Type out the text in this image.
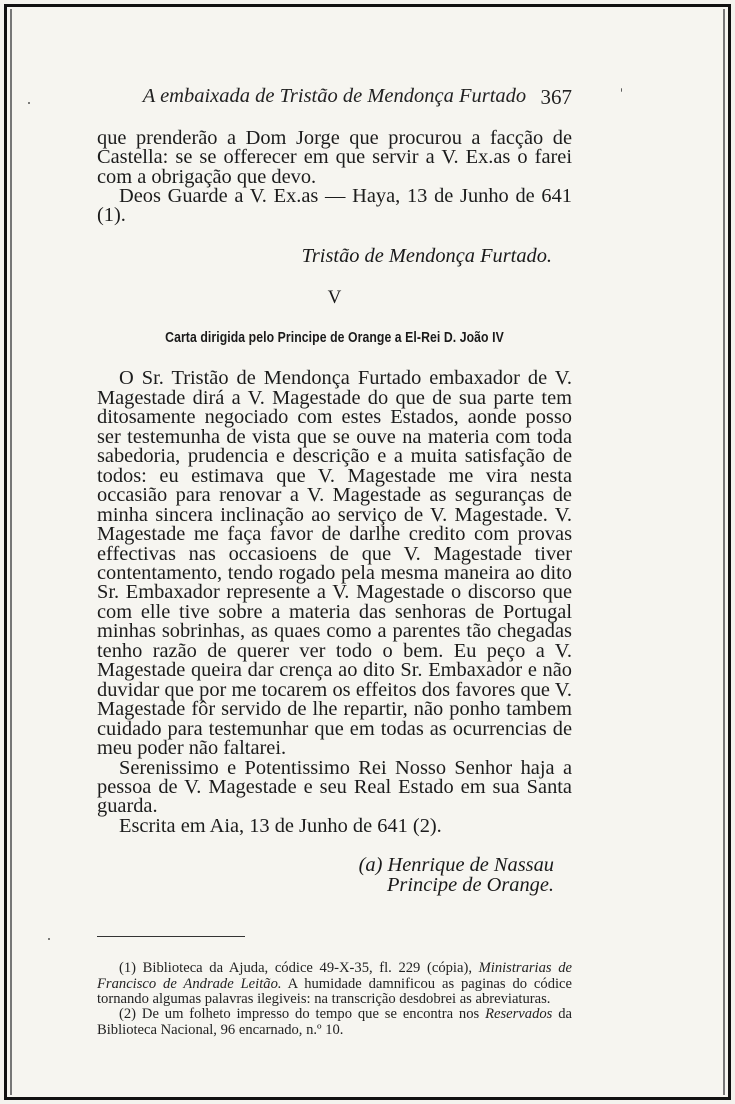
A embaixada de Tristão de Mendonça Furtado 367

que prenderão a Dom Jorge que procurou a facção de Castella: se se offerecer em que servir a V. Ex.as o farei com a obrigação que devo.

Deos Guarde a V. Ex.as — Haya, 13 de Junho de 641 (1).

Tristão de Mendonça Furtado.
V
Carta dirigida pelo Principe de Orange a El-Rei D. João IV

O Sr. Tristão de Mendonça Furtado embaxador de V. Magestade dirá a V. Magestade do que de sua parte tem ditosamente negociado com estes Estados, aonde posso ser testemunha de vista que se ouve na materia com toda sabedoria, prudencia e descrição e a muita satisfação de todos: eu estimava que V. Magestade me vira nesta occasião para renovar a V. Magestade as seguranças de minha sincera inclinação ao serviço de V. Magestade. V. Magestade me faça favor de darlhe credito com provas effectivas nas occasioens de que V. Magestade tiver contentamento, tendo rogado pela mesma maneira ao dito Sr. Embaxador represente a V. Magestade o discorso que com elle tive sobre a materia das senhoras de Portugal minhas sobrinhas, as quaes como a parentes tão chegadas tenho razão de querer ver todo o bem. Eu peço a V. Magestade queira dar crença ao dito Sr. Embaxador e não duvidar que por me tocarem os effeitos dos favores que V. Magestade fôr servido de lhe repartir, não ponho tambem cuidado para testemunhar que em todas as ocurrencias de meu poder não faltarei.

Serenissimo e Potentissimo Rei Nosso Senhor haja a pessoa de V. Magestade e seu Real Estado em sua Santa guarda.

Escrita em Aia, 13 de Junho de 641 (2).

(a) Henrique de Nassau
Principe de Orange.

(1) Biblioteca da Ajuda, códice 49-X-35, fl. 229 (cópia), Ministrarias de Francisco de Andrade Leitão. A humidade damnificou as paginas do códice tornando algumas palavras ilegiveis: na transcrição desdobrei as abreviaturas.

(2) De um folheto impresso do tempo que se encontra nos Reservados da Biblioteca Nacional, 96 encarnado, n.º 10.
